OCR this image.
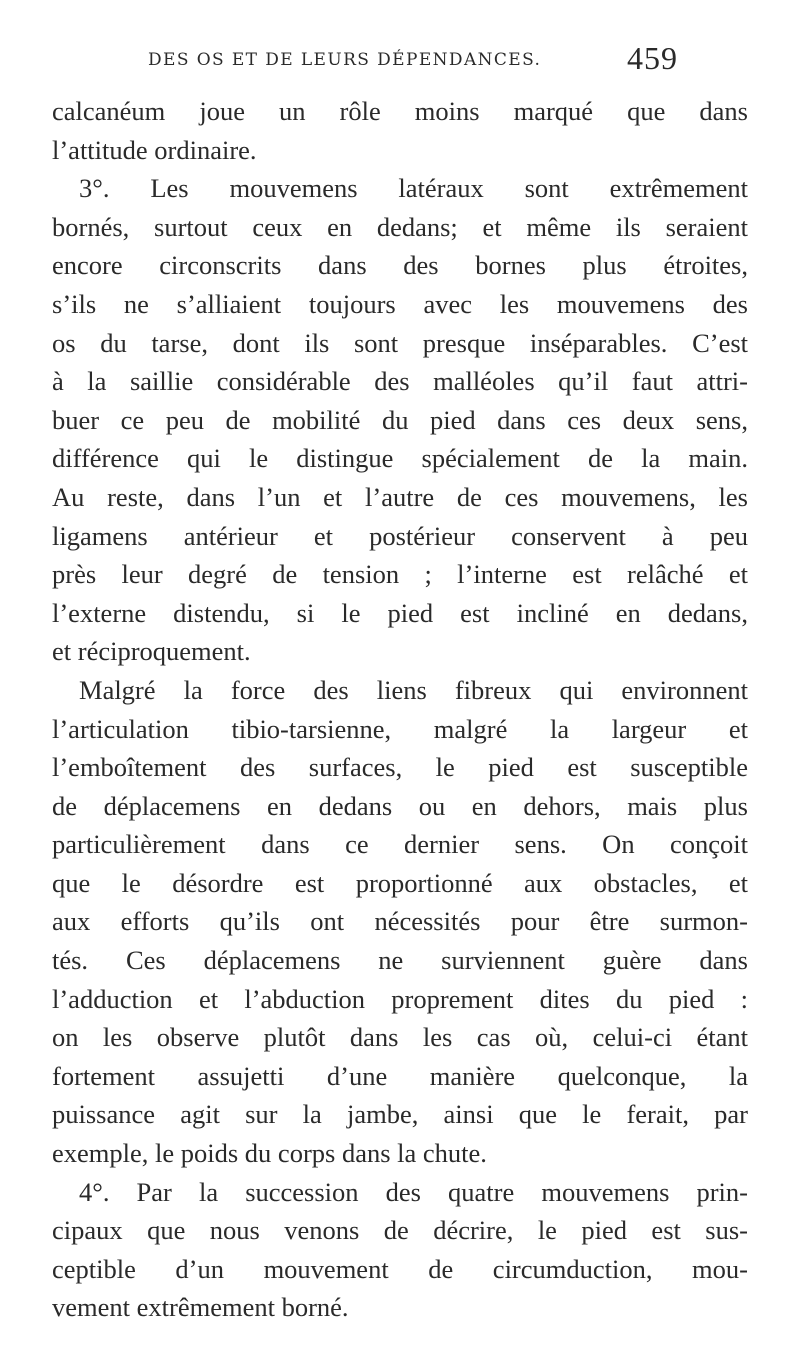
DES OS ET DE LEURS DÉPENDANCES.	459
calcanéum joue un rôle moins marqué que dans
l’attitude ordinaire.
3°. Les mouvemens latéraux sont extrêmement
bornés, surtout ceux en dedans; et même ils seraient
encore circonscrits dans des bornes plus étroites,
s’ils ne s’alliaient toujours avec les mouvemens des
os du tarse, dont ils sont presque inséparables. C’est
à la saillie considérable des malléoles qu’il faut attri-
buer ce peu de mobilité du pied dans ces deux sens,
différence qui le distingue spécialement de la main.
Au reste, dans l’un et l’autre de ces mouvemens, les
ligamens antérieur et postérieur conservent à peu
près leur degré de tension ; l’interne est relâché et
l’externe distendu, si le pied est incliné en dedans,
et réciproquement.
Malgré la force des liens fibreux qui environnent
l’articulation tibio-tarsienne, malgré la largeur et
l’emboîtement des surfaces, le pied est susceptible
de déplacemens en dedans ou en dehors, mais plus
particulièrement dans ce dernier sens. On conçoit
que le désordre est proportionné aux obstacles, et
aux efforts qu’ils ont nécessités pour être surmon-
tés. Ces déplacemens ne surviennent guère dans
l’adduction et l’abduction proprement dites du pied :
on les observe plutôt dans les cas où, celui-ci étant
fortement assujetti d’une manière quelconque, la
puissance agit sur la jambe, ainsi que le ferait, par
exemple, le poids du corps dans la chute.
4°. Par la succession des quatre mouvemens prin-
cipaux que nous venons de décrire, le pied est sus-
ceptible d’un mouvement de circumduction, mou-
vement extrêmement borné.
